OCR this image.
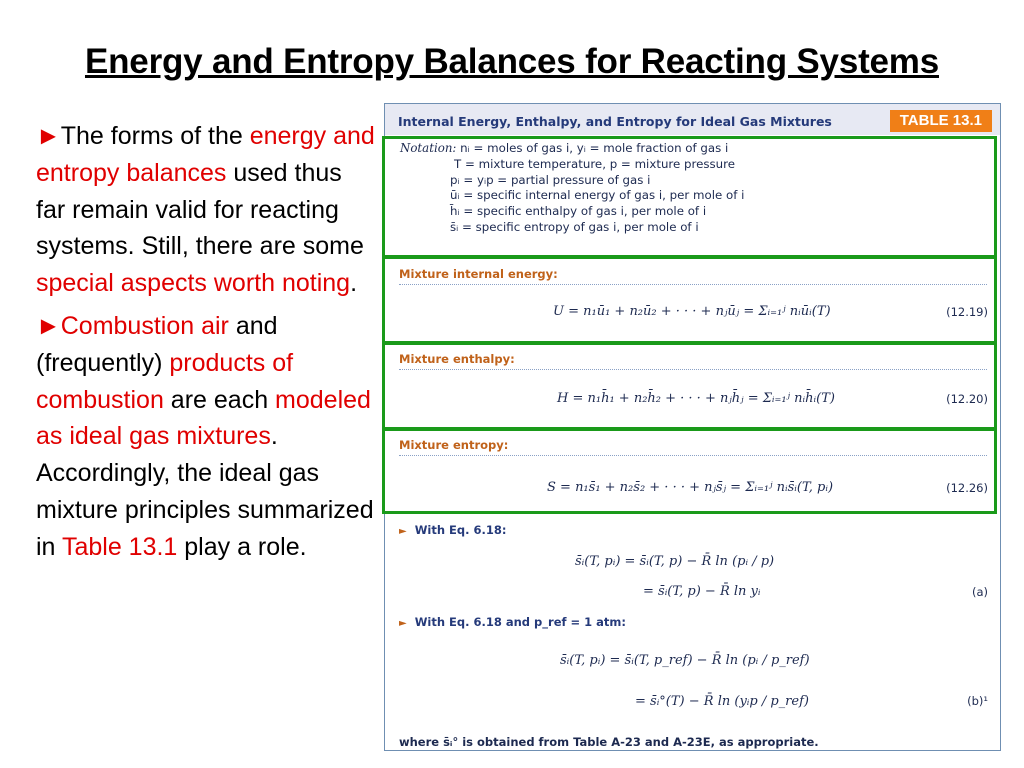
Energy and Entropy Balances for Reacting Systems

►The forms of the energy and entropy balances used thus far remain valid for reacting systems. Still, there are some special aspects worth noting.

►Combustion air and (frequently) products of combustion are each modeled as ideal gas mixtures. Accordingly, the ideal gas mixture principles summarized in Table 13.1 play a role.

Internal Energy, Enthalpy, and Entropy for Ideal Gas Mixtures	TABLE 13.1
Notation: nᵢ = moles of gas i, yᵢ = mole fraction of gas i
T = mixture temperature, p = mixture pressure
pᵢ = yᵢp = partial pressure of gas i
ūᵢ = specific internal energy of gas i, per mole of i
h̄ᵢ = specific enthalpy of gas i, per mole of i
s̄ᵢ = specific entropy of gas i, per mole of i
Mixture internal energy:
U = n₁ū₁ + n₂ū₂ + · · · + nⱼūⱼ = Σᵢ₌₁ʲ nᵢūᵢ(T)	(12.19)
Mixture enthalpy:
H = n₁h̄₁ + n₂h̄₂ + · · · + nⱼh̄ⱼ = Σᵢ₌₁ʲ nᵢh̄ᵢ(T)	(12.20)
Mixture entropy:
S = n₁s̄₁ + n₂s̄₂ + · · · + nⱼs̄ⱼ = Σᵢ₌₁ʲ nᵢs̄ᵢ(T, pᵢ)	(12.26)
► With Eq. 6.18:
s̄ᵢ(T, pᵢ) = s̄ᵢ(T, p) − R̄ ln (pᵢ / p)
= s̄ᵢ(T, p) − R̄ ln yᵢ	(a)
► With Eq. 6.18 and p_ref = 1 atm:
s̄ᵢ(T, pᵢ) = s̄ᵢ(T, p_ref) − R̄ ln (pᵢ / p_ref)
= s̄ᵢ°(T) − R̄ ln (yᵢp / p_ref)	(b)¹
where s̄ᵢ° is obtained from Table A-23 and A-23E, as appropriate.
